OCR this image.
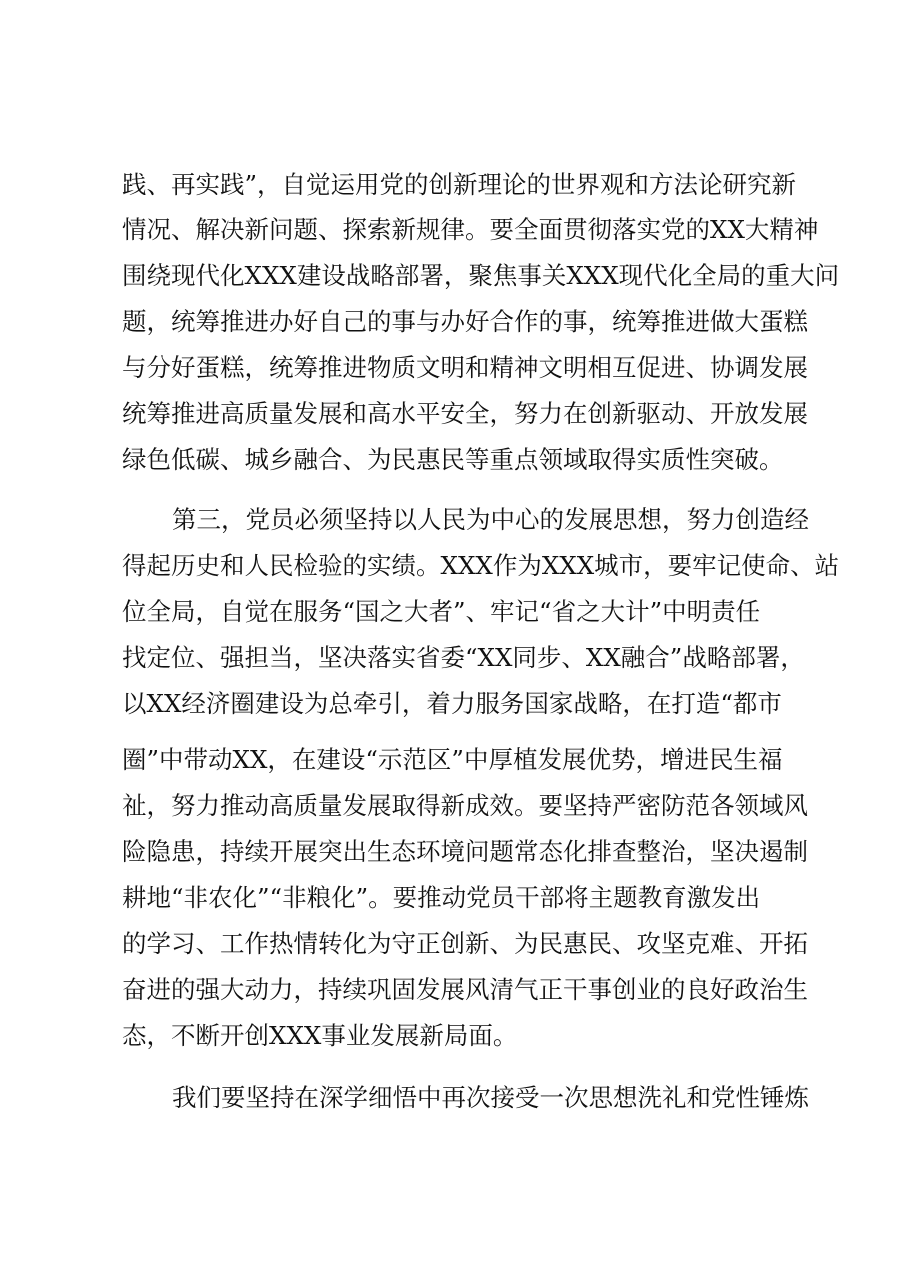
践、再实践”，自觉运用党的创新理论的世界观和方法论研究新
情况、解决新问题、探索新规律。要全面贯彻落实党的XX大精神
围绕现代化XXX建设战略部署，聚焦事关XXX现代化全局的重大问
题，统筹推进办好自己的事与办好合作的事，统筹推进做大蛋糕
与分好蛋糕，统筹推进物质文明和精神文明相互促进、协调发展
统筹推进高质量发展和高水平安全，努力在创新驱动、开放发展
绿色低碳、城乡融合、为民惠民等重点领域取得实质性突破。
第三，党员必须坚持以人民为中心的发展思想，努力创造经
得起历史和人民检验的实绩。XXX作为XXX城市，要牢记使命、站
位全局，自觉在服务“国之大者”、牢记“省之大计”中明责任
找定位、强担当，坚决落实省委“XX同步、XX融合”战略部署，
以XX经济圈建设为总牵引，着力服务国家战略，在打造“都市
圈”中带动XX，在建设“示范区”中厚植发展优势，增进民生福
祉，努力推动高质量发展取得新成效。要坚持严密防范各领域风
险隐患，持续开展突出生态环境问题常态化排查整治，坚决遏制
耕地“非农化”“非粮化”。要推动党员干部将主题教育激发出
的学习、工作热情转化为守正创新、为民惠民、攻坚克难、开拓
奋进的强大动力，持续巩固发展风清气正干事创业的良好政治生
态，不断开创XXX事业发展新局面。
我们要坚持在深学细悟中再次接受一次思想洗礼和党性锤炼
